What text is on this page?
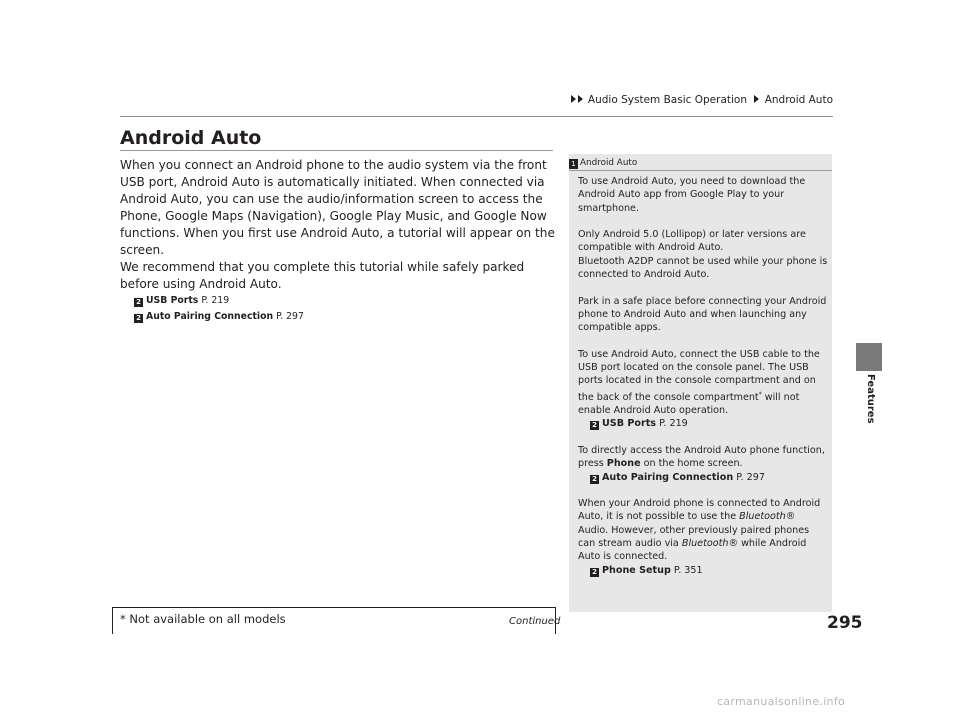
Audio System Basic Operation Android Auto
Features
Android Auto

When you connect an Android phone to the audio system via the front USB port, Android Auto is automatically initiated. When connected via Android Auto, you can use the audio/information screen to access the Phone, Google Maps (Navigation), Google Play Music, and Google Now functions. When you first use Android Auto, a tutorial will appear on the screen.

We recommend that you complete this tutorial while safely parked before using Android Auto.

2 USB Ports P. 219
2 Auto Pairing Connection P. 297
1 Android Auto

To use Android Auto, you need to download the Android Auto app from Google Play to your smartphone.

Only Android 5.0 (Lollipop) or later versions are compatible with Android Auto.
Bluetooth A2DP cannot be used while your phone is connected to Android Auto.

Park in a safe place before connecting your Android phone to Android Auto and when launching any compatible apps.

To use Android Auto, connect the USB cable to the USB port located on the console panel. The USB ports located in the console compartment and on the back of the console compartment* will not enable Android Auto operation.
2 USB Ports P. 219

To directly access the Android Auto phone function, press Phone on the home screen.
2 Auto Pairing Connection P. 297

When your Android phone is connected to Android Auto, it is not possible to use the Bluetooth® Audio. However, other previously paired phones can stream audio via Bluetooth® while Android Auto is connected.
2 Phone Setup P. 351

* Not available on all models	Continued	295
carmanualsonline.info
